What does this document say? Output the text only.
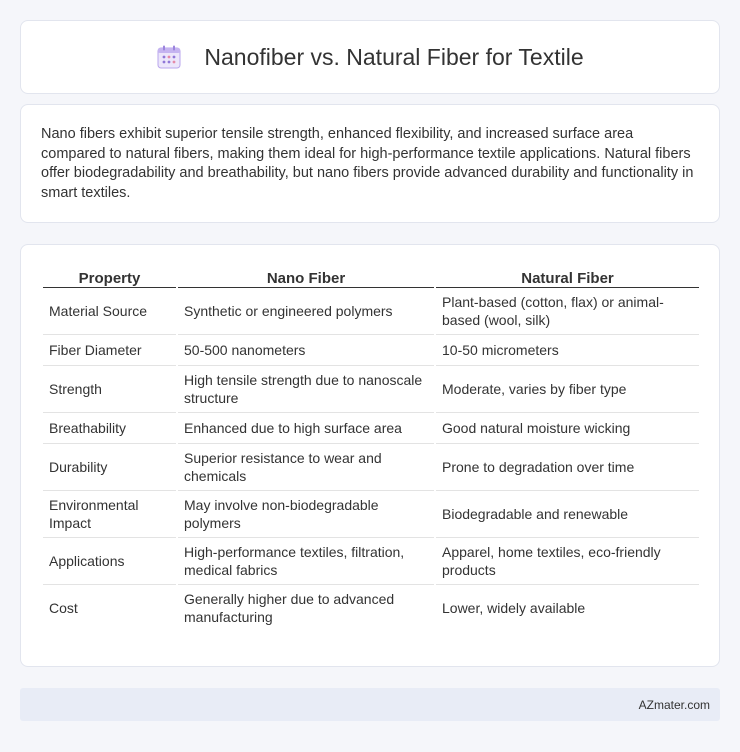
Nanofiber vs. Natural Fiber for Textile

Nano fibers exhibit superior tensile strength, enhanced flexibility, and increased surface area compared to natural fibers, making them ideal for high-performance textile applications. Natural fibers offer biodegradability and breathability, but nano fibers provide advanced durability and functionality in smart textiles.

Property	Nano Fiber	Natural Fiber
Material Source	Synthetic or engineered polymers	Plant-based (cotton, flax) or animal-based (wool, silk)
Fiber Diameter	50-500 nanometers	10-50 micrometers
Strength	High tensile strength due to nanoscale structure	Moderate, varies by fiber type
Breathability	Enhanced due to high surface area	Good natural moisture wicking
Durability	Superior resistance to wear and chemicals	Prone to degradation over time
Environmental Impact	May involve non-biodegradable polymers	Biodegradable and renewable
Applications	High-performance textiles, filtration, medical fabrics	Apparel, home textiles, eco-friendly products
Cost	Generally higher due to advanced manufacturing	Lower, widely available
AZmater.com
